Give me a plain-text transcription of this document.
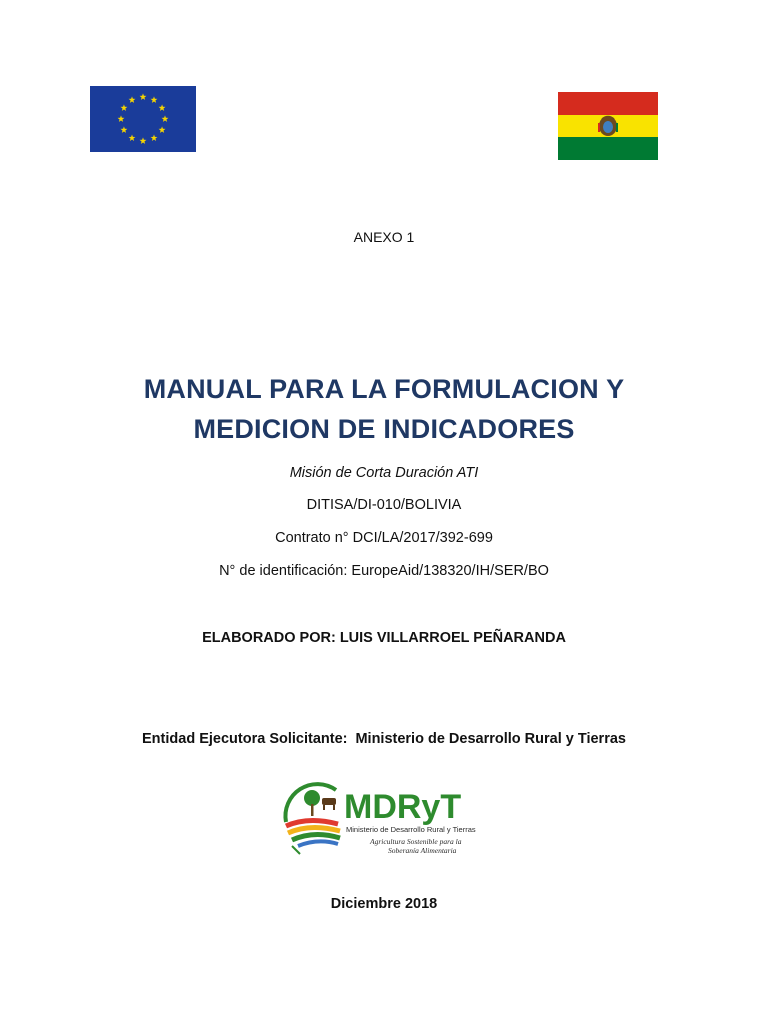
ANEXO 1
MANUAL PARA LA FORMULACION Y
MEDICION DE INDICADORES
Misión de Corta Duración ATI
DITISA/DI-010/BOLIVIA
Contrato n° DCI/LA/2017/392-699
N° de identificación: EuropeAid/138320/IH/SER/BO
ELABORADO POR: LUIS VILLARROEL PEÑARANDA
Entidad Ejecutora Solicitante: Ministerio de Desarrollo Rural y Tierras
MDRyT
Ministerio de Desarrollo Rural y Tierras
Agricultura Sostenible para la
Soberanía Alimentaria
Diciembre 2018
